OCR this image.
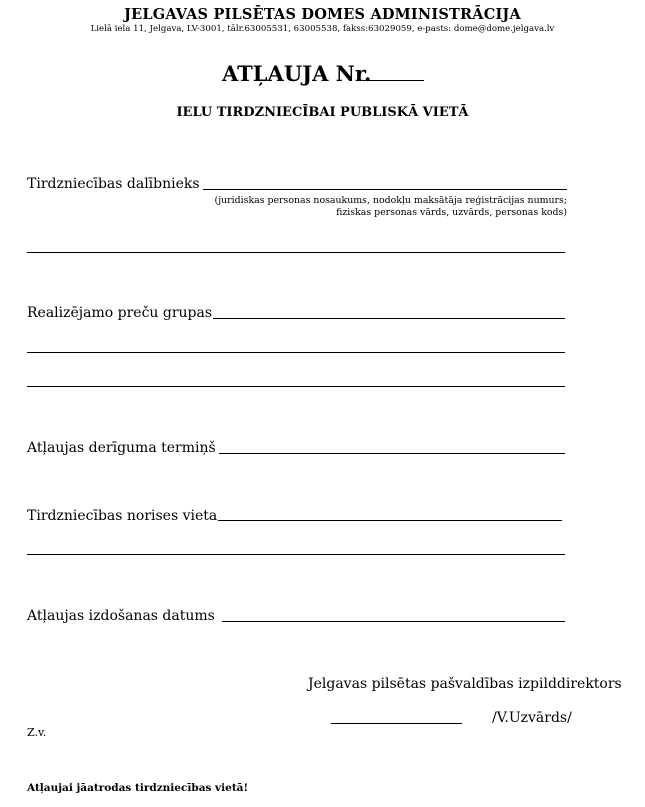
JELGAVAS PILSĒTAS DOMES ADMINISTRĀCIJA
Lielā iela 11, Jelgava, LV-3001, tālr.63005531, 63005538, fakss:63029059, e-pasts: dome@dome.jelgava.lv
ATĻAUJA Nr.
IELU TIRDZNIECĪBAI PUBLISKĀ VIETĀ
Tirdzniecības dalībnieks
(juridiskas personas nosaukums, nodokļu maksātāja reģistrācijas numurs;
fiziskas personas vārds, uzvārds, personas kods)
Realizējamo preču grupas
Atļaujas derīguma termiņš
Tirdzniecības norises vieta
Atļaujas izdošanas datums
Jelgavas pilsētas pašvaldības izpilddirektors
/V.Uzvārds/
Z.v.
Atļaujai jāatrodas tirdzniecības vietā!
